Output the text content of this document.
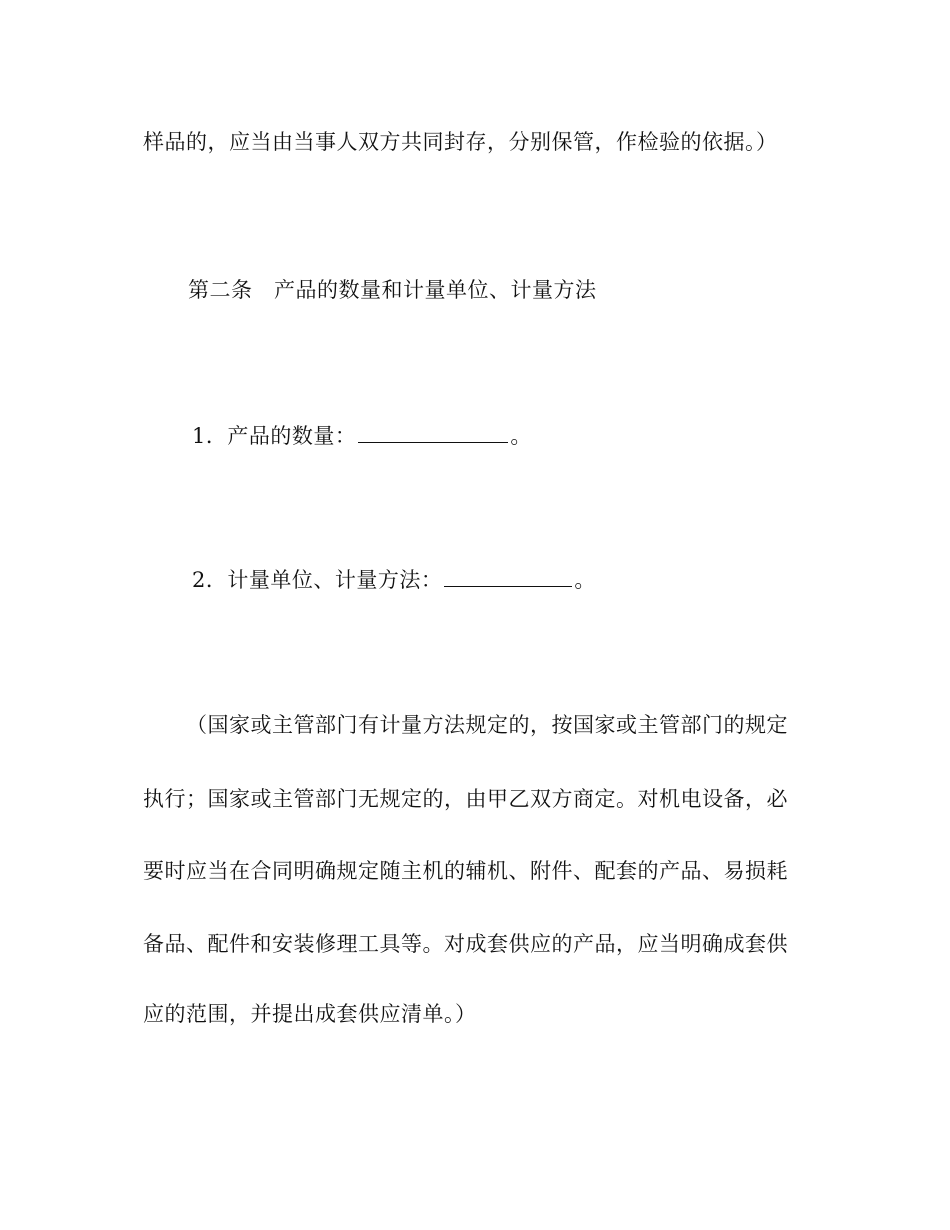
样品的，应当由当事人双方共同封存，分别保管，作检验的依据。）
第二条　产品的数量和计量单位、计量方法
1．产品的数量：	。
2．计量单位、计量方法：	。
（国家或主管部门有计量方法规定的，按国家或主管部门的规定
执行；国家或主管部门无规定的，由甲乙双方商定。对机电设备，必
要时应当在合同明确规定随主机的辅机、附件、配套的产品、易损耗
备品、配件和安装修理工具等。对成套供应的产品，应当明确成套供
应的范围，并提出成套供应清单。）
